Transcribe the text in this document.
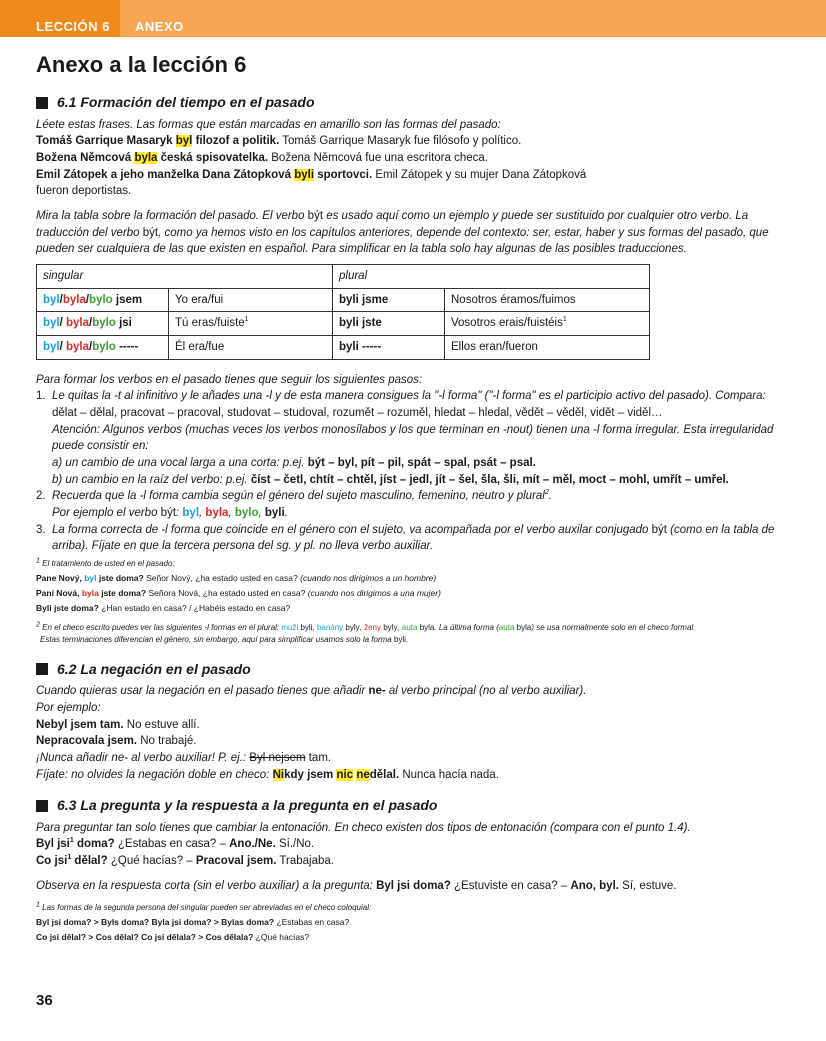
LECCIÓN 6 ANEXO
Anexo a la lección 6
6.1 Formación del tiempo en el pasado

Léete estas frases. Las formas que están marcadas en amarillo son las formas del pasado:

Tomáš Garrique Masaryk byl filozof a politik. Tomáš Garrique Masaryk fue filósofo y político.

Božena Němcová byla česká spisovatelka. Božena Němcová fue una escritora checa.

Emil Zátopek a jeho manželka Dana Zátopková byli sportovci. Emil Zátopek y su mujer Dana Zátopková

fueron deportistas.

Mira la tabla sobre la formación del pasado. El verbo být es usado aquí como un ejemplo y puede ser sustituido por cualquier otro verbo. La traducción del verbo být, como ya hemos visto en los capítulos anteriores, depende del contexto: ser, estar, haber y sus formas del pasado, que pueden ser cualquiera de las que existen en español. Para simplificar en la tabla solo hay algunas de las posibles traducciones.

singular		plural	
byl/byla/bylo jsem	Yo era/fui	byli jsme	Nosotros éramos/fuimos
byl/ byla/bylo jsi	Tú eras/fuiste$^1$	byli jste	Vosotros erais/fuistéis$^1$
byl/ byla/bylo -----	Él era/fue	byli -----	Ellos eran/fueron

Para formar los verbos en el pasado tienes que seguir los siguientes pasos:

1. Le quitas la -t al infinitivo y le añades una -l y de esta manera consigues la "-l forma" ("-l forma" es el participio activo del pasado). Compara: dělat – dělal, pracovat – pracoval, studovat – studoval, rozumět – rozuměl, hledat – hledal, vědět – věděl, vidět – viděl…
Atención: Algunos verbos (muchas veces los verbos monosílabos y los que terminan en -nout) tienen una -l forma irregular. Esta irregularidad puede consistir en:
a) un cambio de una vocal larga a una corta: p.ej. být – byl, pít – pil, spát – spal, psát – psal.
b) un cambio en la raíz del verbo: p.ej. číst – četl, chtít – chtěl, jíst – jedl, jít – šel, šla, šli, mít – měl, moct – mohl, umřít – umřel.
2. Recuerda que la -l forma cambia según el género del sujeto masculino, femenino, neutro y plural$^2$.
Por ejemplo el verbo být: byl, byla, bylo, byli.
3. La forma correcta de -l forma que coincide en el género con el sujeto, va acompañada por el verbo auxilar conjugado být (como en la tabla de arriba). Fíjate en que la tercera persona del sg. y pl. no lleva verbo auxiliar.

$^1$ El tratamiento de usted en el pasado:

Pane Nový, byl jste doma? Señor Nový, ¿ha estado usted en casa? (cuando nos dirigimos a un hombre)

Paní Nová, byla jste doma? Señora Nová, ¿ha estado usted en casa? (cuando nos dirigimos a una mujer)

Byli jste doma? ¿Han estado en casa? / ¿Habéis estado en casa?

$^2$ En el checo escrito puedes ver las siguientes -l formas en el plural: muži byli, banány byly, ženy byly, auta byla. La última forma (auta byla) se usa normalmente solo en el checo formal.

Estas terminaciones diferencian el género, sin embargo, aquí para simplificar usamos solo la forma byli.

6.2 La negación en el pasado

Cuando quieras usar la negación en el pasado tienes que añadir ne- al verbo principal (no al verbo auxiliar).

Por ejemplo:

Nebyl jsem tam. No estuve allí.

Nepracovala jsem. No trabajé.

¡Nunca añadir ne- al verbo auxiliar! P. ej.: Byl nejsem tam.

Fíjate: no olvides la negación doble en checo: Nikdy jsem nic nedělal. Nunca hacía nada.

6.3 La pregunta y la respuesta a la pregunta en el pasado

Para preguntar tan solo tienes que cambiar la entonación. En checo existen dos tipos de entonación (compara con el punto 1.4).

Byl jsi$^1$ doma? ¿Estabas en casa? – Ano./Ne. Sí./No.

Co jsi$^1$ dělal? ¿Qué hacías? – Pracoval jsem. Trabajaba.

Observa en la respuesta corta (sin el verbo auxiliar) a la pregunta: Byl jsi doma? ¿Estuviste en casa? – Ano, byl. Sí, estuve.

$^1$ Las formas de la segunda persona del singular pueden ser abreviadas en el checo coloquial:

Byl jsi doma? > Byls doma? Byla jsi doma? > Bylas doma? ¿Estabas en casa?

Co jsi dělal? > Cos dělal? Co jsi dělala? > Cos dělala? ¿Qué hacías?

36
